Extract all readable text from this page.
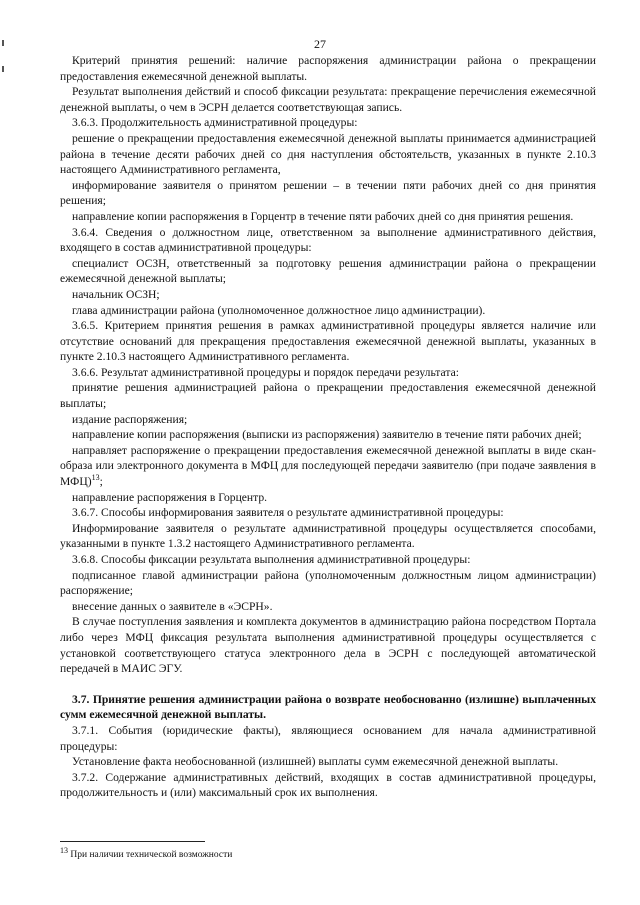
27

Критерий принятия решений: наличие распоряжения администрации района о прекращении предоставления ежемесячной денежной выплаты.

Результат выполнения действий и способ фиксации результата: прекращение перечисления ежемесячной денежной выплаты, о чем в ЭСРН делается соответствующая запись.

3.6.3. Продолжительность административной процедуры:

решение о прекращении предоставления ежемесячной денежной выплаты принимается администрацией района в течение десяти рабочих дней со дня наступления обстоятельств, указанных в пункте 2.10.3 настоящего Административного регламента,

информирование заявителя о принятом решении – в течении пяти рабочих дней со дня принятия решения;

направление копии распоряжения в Горцентр в течение пяти рабочих дней со дня принятия решения.

3.6.4. Сведения о должностном лице, ответственном за выполнение административного действия, входящего в состав административной процедуры:

специалист ОСЗН, ответственный за подготовку решения администрации района о прекращении ежемесячной денежной выплаты;

начальник ОСЗН;

глава администрации района (уполномоченное должностное лицо администрации).

3.6.5. Критерием принятия решения в рамках административной процедуры является наличие или отсутствие оснований для прекращения предоставления ежемесячной денежной выплаты, указанных в пункте 2.10.3 настоящего Административного регламента.

3.6.6. Результат административной процедуры и порядок передачи результата:

принятие решения администрацией района о прекращении предоставления ежемесячной денежной выплаты;

издание распоряжения;

направление копии распоряжения (выписки из распоряжения) заявителю в течение пяти рабочих дней;

направляет распоряжение о прекращении предоставления ежемесячной денежной выплаты в виде скан-образа или электронного документа в МФЦ для последующей передачи заявителю (при подаче заявления в МФЦ)$^{13}$;

направление распоряжения в Горцентр.

3.6.7. Способы информирования заявителя о результате административной процедуры:

Информирование заявителя о результате административной процедуры осуществляется способами, указанными в пункте 1.3.2 настоящего Административного регламента.

3.6.8. Способы фиксации результата выполнения административной процедуры:

подписанное главой администрации района (уполномоченным должностным лицом администрации) распоряжение;

внесение данных о заявителе в «ЭСРН».

В случае поступления заявления и комплекта документов в администрацию района посредством Портала либо через МФЦ фиксация результата выполнения административной процедуры осуществляется с установкой соответствующего статуса электронного дела в ЭСРН с последующей автоматической передачей в МАИС ЭГУ.

3.7. Принятие решения администрации района о возврате необоснованно (излишне) выплаченных сумм ежемесячной денежной выплаты.

3.7.1. События (юридические факты), являющиеся основанием для начала административной процедуры:

Установление факта необоснованной (излишней) выплаты сумм ежемесячной денежной выплаты.

3.7.2. Содержание административных действий, входящих в состав административной процедуры, продолжительность и (или) максимальный срок их выполнения.

$^{13}$ При наличии технической возможности
